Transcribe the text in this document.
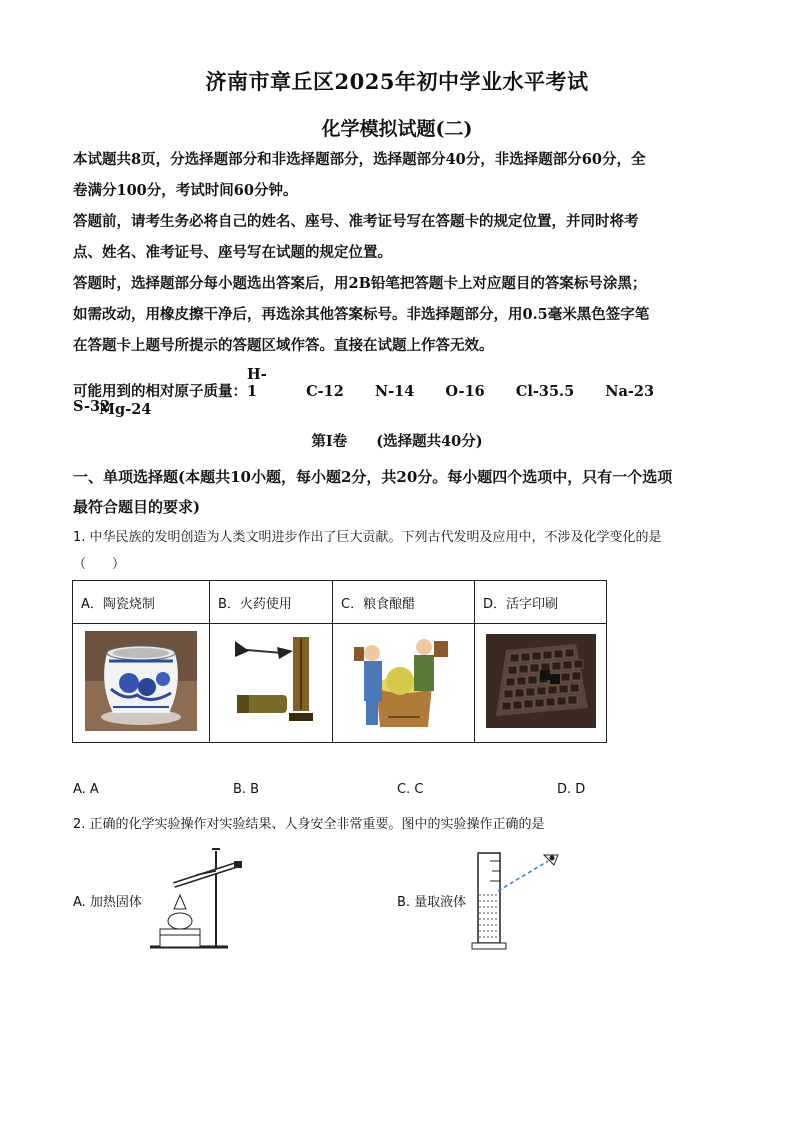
济南市章丘区2025年初中学业水平考试
化学模拟试题(二)

本试题共8页，分选择题部分和非选择题部分，选择题部分40分，非选择题部分60分，全

卷满分100分，考试时间60分钟。

答题前，请考生务必将自己的姓名、座号、准考证号写在答题卡的规定位置，并同时将考

点、姓名、准考证号、座号写在试题的规定位置。

答题时，选择题部分每小题选出答案后，用2B铅笔把答题卡上对应题目的答案标号涂黑；

如需改动，用橡皮擦干净后，再选涂其他答案标号。非选择题部分，用0.5毫米黑色签字笔

在答题卡上题号所提示的答题区域作答。直接在试题上作答无效。

可能用到的相对原子质量：H-1	C-12 N-14 O-16 Cl-35.5 Na-23 Mg-24
S-32
第Ⅰ卷 (选择题共40分)
一、单项选择题(本题共10小题，每小题2分，共20分。每小题四个选项中，只有一个选项
最符合题目的要求)
1. 中华民族的发明创造为人类文明进步作出了巨大贡献。下列古代发明及应用中，不涉及化学变化的是
（　　）
A．陶瓷烧制	B．火药使用	C．粮食酿醋	D．活字印刷

A. A	B. B	C. C	D. D
2. 正确的化学实验操作对实验结果、人身安全非常重要。图中的实验操作正确的是
A. 加热固体	B. 量取液体
